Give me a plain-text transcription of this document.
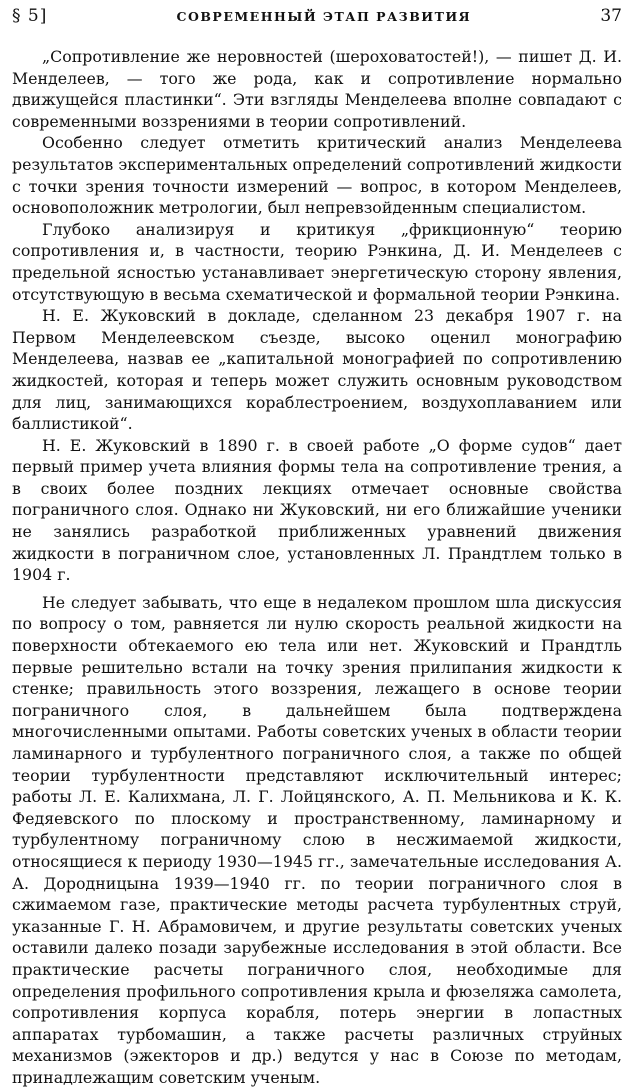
§ 5]	СОВРЕМЕННЫЙ ЭТАП РАЗВИТИЯ	37

„Сопротивление же неровностей (шероховатостей!), — пишет Д. И. Менделеев, — того же рода, как и сопротивление нормально движущейся пластинки“. Эти взгляды Менделеева вполне совпадают с современными воззрениями в теории сопротивлений.

Особенно следует отметить критический анализ Менделеева результатов экспериментальных определений сопротивлений жидкости с точки зрения точности измерений — вопрос, в котором Менделеев, основоположник метрологии, был непревзойденным специалистом.

Глубоко анализируя и критикуя „фрикционную“ теорию сопротивления и, в частности, теорию Рэнкина, Д. И. Менделеев с предельной ясностью устанавливает энергетическую сторону явления, отсутствующую в весьма схематической и формальной теории Рэнкина.

Н. Е. Жуковский в докладе, сделанном 23 декабря 1907 г. на Первом Менделеевском съезде, высоко оценил монографию Менделеева, назвав ее „капитальной монографией по сопротивлению жидкостей, которая и теперь может служить основным руководством для лиц, занимающихся кораблестроением, воздухоплаванием или баллистикой“.

Н. Е. Жуковский в 1890 г. в своей работе „О форме судов“ дает первый пример учета влияния формы тела на сопротивление трения, а в своих более поздних лекциях отмечает основные свойства пограничного слоя. Однако ни Жуковский, ни его ближайшие ученики не занялись разработкой приближенных уравнений движения жидкости в пограничном слое, установленных Л. Прандтлем только в 1904 г.

Не следует забывать, что еще в недалеком прошлом шла дискуссия по вопросу о том, равняется ли нулю скорость реальной жидкости на поверхности обтекаемого ею тела или нет. Жуковский и Прандтль первые решительно встали на точку зрения прилипания жидкости к стенке; правильность этого воззрения, лежащего в основе теории пограничного слоя, в дальнейшем была подтверждена многочисленными опытами. Работы советских ученых в области теории ламинарного и турбулентного пограничного слоя, а также по общей теории турбулентности представляют исключительный интерес; работы Л. Е. Калихмана, Л. Г. Лойцянского, А. П. Мельникова и К. К. Федяевского по плоскому и пространственному, ламинарному и турбулентному пограничному слою в несжимаемой жидкости, относящиеся к периоду 1930—1945 гг., замечательные исследования А. А. Дородницына 1939—1940 гг. по теории пограничного слоя в сжимаемом газе, практические методы расчета турбулентных струй, указанные Г. Н. Абрамовичем, и другие результаты советских ученых оставили далеко позади зарубежные исследования в этой области. Все практические расчеты пограничного слоя, необходимые для определения профильного сопротивления крыла и фюзеляжа самолета, сопротивления корпуса корабля, потерь энергии в лопастных аппаратах турбомашин, а также расчеты различных струйных механизмов (эжекторов и др.) ведутся у нас в Союзе по методам, принадлежащим советским ученым.
